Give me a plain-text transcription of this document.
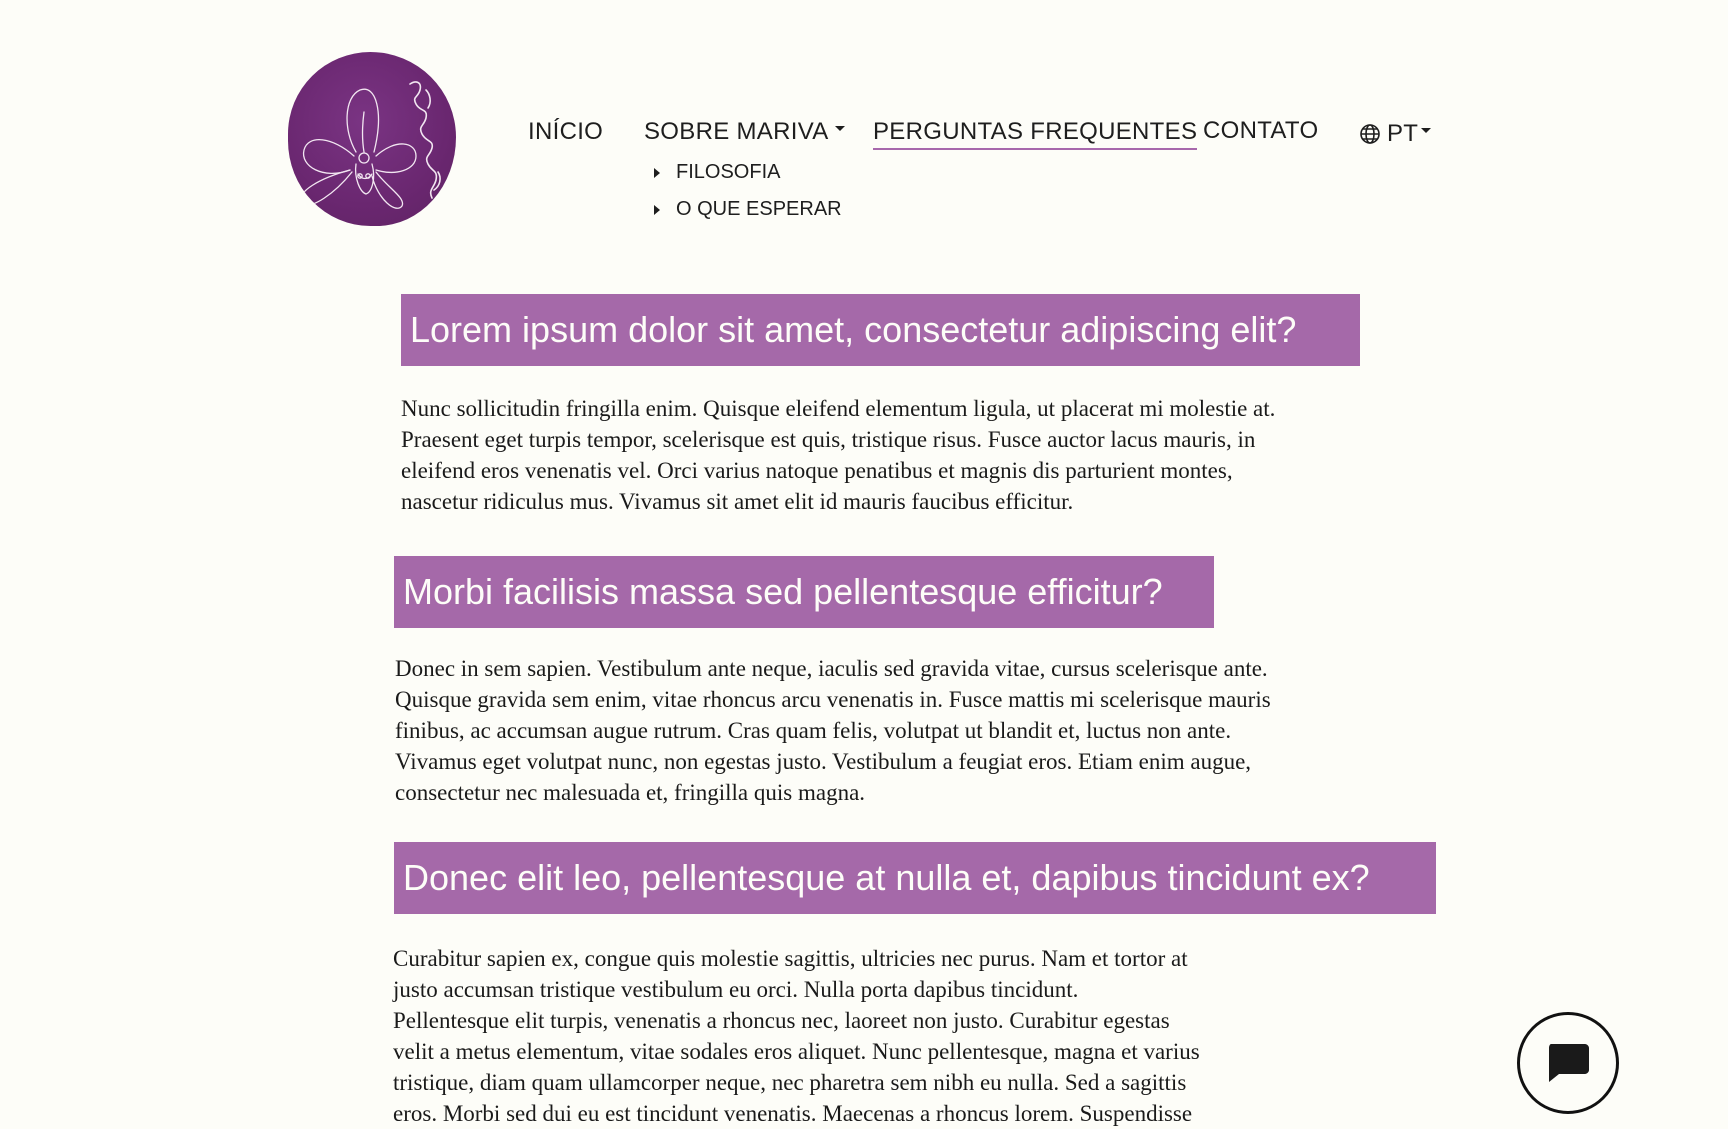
INÍCIO SOBRE MARIVA
FILOSOFIA
O QUE ESPERAR
PERGUNTAS FREQUENTES CONTATO	PT
Lorem ipsum dolor sit amet, consectetur adipiscing elit?

Nunc sollicitudin fringilla enim. Quisque eleifend elementum ligula, ut placerat mi molestie at.

Praesent eget turpis tempor, scelerisque est quis, tristique risus. Fusce auctor lacus mauris, in

eleifend eros venenatis vel. Orci varius natoque penatibus et magnis dis parturient montes,

nascetur ridiculus mus. Vivamus sit amet elit id mauris faucibus efficitur.

Morbi facilisis massa sed pellentesque efficitur?

Donec in sem sapien. Vestibulum ante neque, iaculis sed gravida vitae, cursus scelerisque ante.

Quisque gravida sem enim, vitae rhoncus arcu venenatis in. Fusce mattis mi scelerisque mauris

finibus, ac accumsan augue rutrum. Cras quam felis, volutpat ut blandit et, luctus non ante.

Vivamus eget volutpat nunc, non egestas justo. Vestibulum a feugiat eros. Etiam enim augue,

consectetur nec malesuada et, fringilla quis magna.

Donec elit leo, pellentesque at nulla et, dapibus tincidunt ex?

Curabitur sapien ex, congue quis molestie sagittis, ultricies nec purus. Nam et tortor at

justo accumsan tristique vestibulum eu orci. Nulla porta dapibus tincidunt.

Pellentesque elit turpis, venenatis a rhoncus nec, laoreet non justo. Curabitur egestas

velit a metus elementum, vitae sodales eros aliquet. Nunc pellentesque, magna et varius

tristique, diam quam ullamcorper neque, nec pharetra sem nibh eu nulla. Sed a sagittis

eros. Morbi sed dui eu est tincidunt venenatis. Maecenas a rhoncus lorem. Suspendisse
